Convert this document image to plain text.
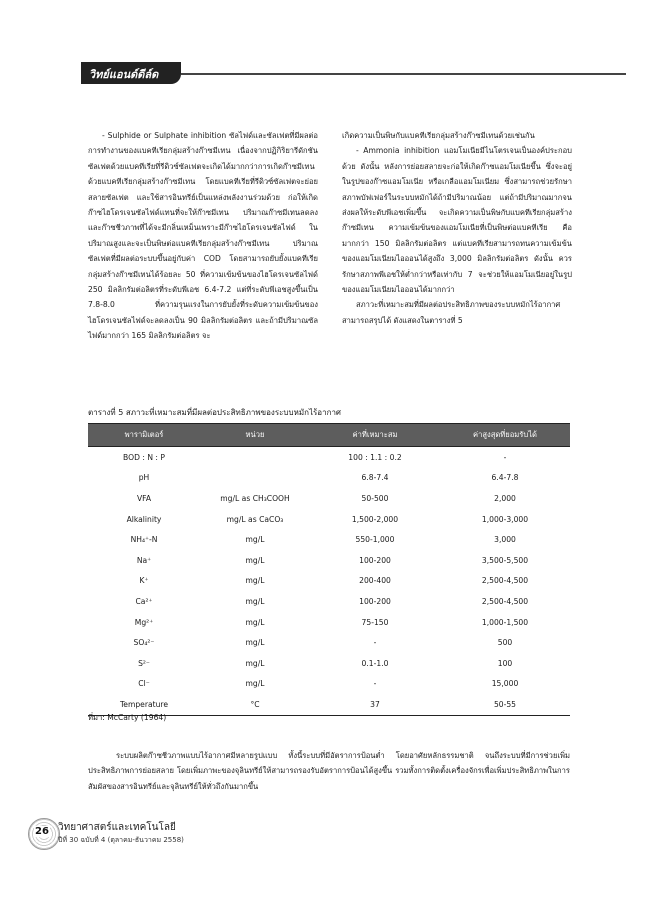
วิทย์แอนด์ดีล์ด

- Sulphide or Sulphate inhibition ซัลไฟด์และซัลเฟตที่มีผลต่อการทำงานของแบคทีเรียกลุ่มสร้างก๊าซมีเทน เนื่องจากปฏิกิริยารีดักชันซัลเฟตด้วยแบคทีเรียที่รีดิวซ์ซัลเฟตจะเกิดได้มากกว่าการเกิดก๊าซมีเทนด้วยแบคทีเรียกลุ่มสร้างก๊าซมีเทน โดยแบคทีเรียที่รีดิวซ์ซัลเฟตจะย่อยสลายซัลเฟต และใช้สารอินทรีย์เป็นแหล่งพลังงานร่วมด้วย ก่อให้เกิดก๊าซไฮโดรเจนซัลไฟด์แทนที่จะให้ก๊าซมีเทน ปริมาณก๊าซมีเทนลดลงและก๊าซชีวภาพที่ได้จะมีกลิ่นเหม็นเพราะมีก๊าซไฮโดรเจนซัลไฟด์ ในปริมาณสูงและจะเป็นพิษต่อแบคทีเรียกลุ่มสร้างก๊าซมีเทน ปริมาณซัลเฟตที่มีผลต่อระบบขึ้นอยู่กับค่า COD โดยสามารถยับยั้งแบคทีเรียกลุ่มสร้างก๊าซมีเทนได้ร้อยละ 50 ที่ความเข้มข้นของไฮโดรเจนซัลไฟด์ 250 มิลลิกรัมต่อลิตรที่ระดับพีเอช 6.4-7.2 แต่ที่ระดับพีเอชสูงขึ้นเป็น 7.8-8.0 ที่ความรุนแรงในการยับยั้งที่ระดับความเข้มข้นของไฮโดรเจนซัลไฟด์จะลดลงเป็น 90 มิลลิกรัมต่อลิตร และถ้ามีปริมาณซัลไฟด์มากกว่า 165 มิลลิกรัมต่อลิตร จะ

เกิดความเป็นพิษกับแบคทีเรียกลุ่มสร้างก๊าซมีเทนด้วยเช่นกัน

- Ammonia inhibition แอมโมเนียมีไนโตรเจนเป็นองค์ประกอบด้วย ดังนั้น หลังการย่อยสลายจะก่อให้เกิดก๊าซแอมโมเนียขึ้น ซึ่งจะอยู่ในรูปของก๊าซแอมโมเนีย หรือเกลือแอมโมเนียม ซึ่งสามารถช่วยรักษาสภาพบัฟเฟอร์ในระบบหมักได้ถ้ามีปริมาณน้อย แต่ถ้ามีปริมาณมากจนส่งผลให้ระดับพีเอชเพิ่มขึ้น จะเกิดความเป็นพิษกับแบคทีเรียกลุ่มสร้างก๊าซมีเทน ความเข้มข้นของแอมโมเนียที่เป็นพิษต่อแบคทีเรีย คือ มากกว่า 150 มิลลิกรัมต่อลิตร แต่แบคทีเรียสามารถทนความเข้มข้นของแอมโมเนียมไอออนได้สูงถึง 3,000 มิลลิกรัมต่อลิตร ดังนั้น ควรรักษาสภาพพีเอชให้ต่ำกว่าหรือเท่ากับ 7 จะช่วยให้แอมโมเนียอยู่ในรูปของแอมโมเนียมไอออนได้มากกว่า

สภาวะที่เหมาะสมที่มีผลต่อประสิทธิภาพของระบบหมักไร้อากาศ สามารถสรุปได้ ดังแสดงในตารางที่ 5

ตารางที่ 5 สภาวะที่เหมาะสมที่มีผลต่อประสิทธิภาพของระบบหมักไร้อากาศ
พารามิเตอร์	หน่วย	ค่าที่เหมาะสม	ค่าสูงสุดที่ยอมรับได้
BOD : N : P		100 : 1.1 : 0.2	-
pH		6.8-7.4	6.4-7.8
VFA	mg/L as CH₃COOH	50-500	2,000
Alkalinity	mg/L as CaCO₃	1,500-2,000	1,000-3,000
NH₄⁺-N	mg/L	550-1,000	3,000
Na⁺	mg/L	100-200	3,500-5,500
K⁺	mg/L	200-400	2,500-4,500
Ca²⁺	mg/L	100-200	2,500-4,500
Mg²⁺	mg/L	75-150	1,000-1,500
SO₄²⁻	mg/L	-	500
S²⁻	mg/L	0.1-1.0	100
Cl⁻	mg/L	-	15,000
Temperature	°C	37	50-55
ที่มา: McCarty (1964)

ระบบผลิตก๊าซชีวภาพแบบไร้อากาศมีหลายรูปแบบ ทั้งนี้ระบบที่มีอัตราการป้อนต่ำ โดยอาศัยหลักธรรมชาติ จนถึงระบบที่มีการช่วยเพิ่มประสิทธิภาพการย่อยสลาย โดยเพิ่มภาพะของจุลินทรีย์ให้สามารถรองรับอัตราการป้อนได้สูงขึ้น รวมทั้งการติดตั้งเครื่องจักรเพื่อเพิ่มประสิทธิภาพในการสัมผัสของสารอินทรีย์และจุลินทรีย์ให้ทั่วถึงกันมากขึ้น

26 วิทยาศาสตร์และเทคโนโลยี
ปีที่ 30 ฉบับที่ 4 (ตุลาคม-ธันวาคม 2558)
